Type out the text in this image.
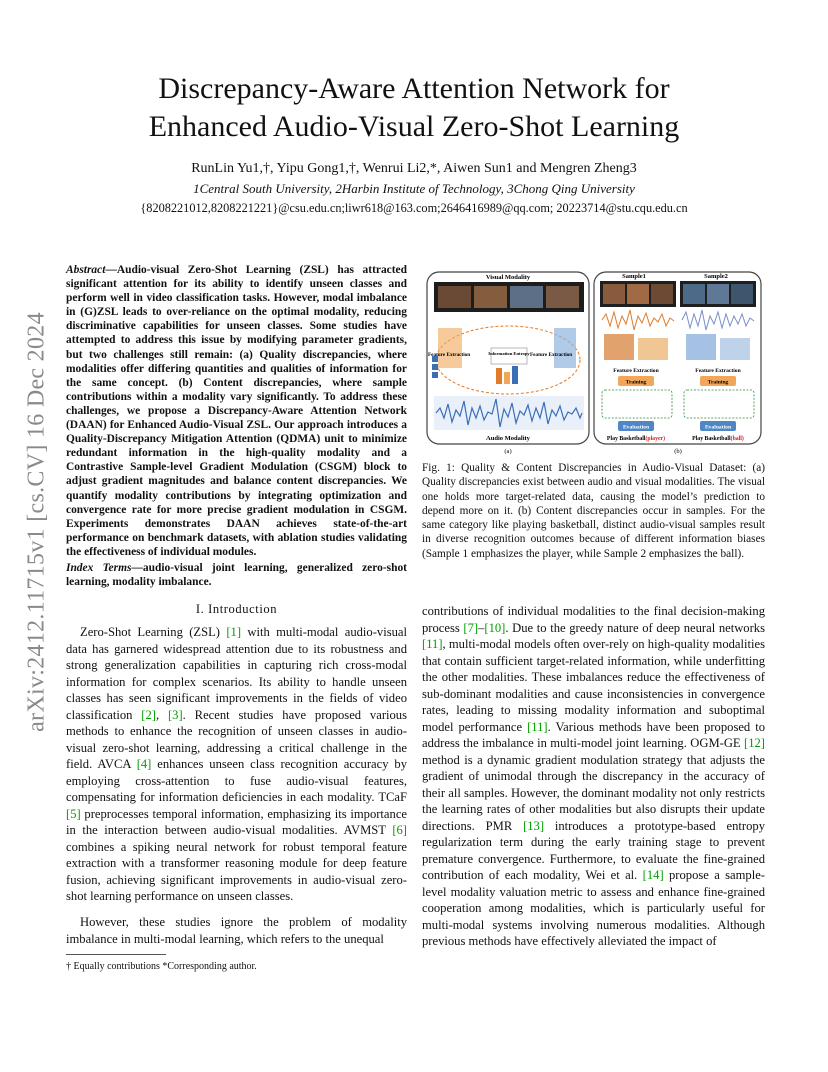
arXiv:2412.11715v1 [cs.CV] 16 Dec 2024
Discrepancy-Aware Attention Network for
Enhanced Audio-Visual Zero-Shot Learning
RunLin Yu1,†, Yipu Gong1,†, Wenrui Li2,*, Aiwen Sun1 and Mengren Zheng3
1Central South University, 2Harbin Institute of Technology, 3Chong Qing University
{8208221012,8208221221}@csu.edu.cn;liwr618@163.com;2646416989@qq.com; 20223714@stu.cqu.edu.cn
Abstract—Audio-visual Zero-Shot Learning (ZSL) has attracted significant attention for its ability to identify unseen classes and perform well in video classification tasks. However, modal imbalance in (G)ZSL leads to over-reliance on the optimal modality, reducing discriminative capabilities for unseen classes. Some studies have attempted to address this issue by modifying parameter gradients, but two challenges still remain: (a) Quality discrepancies, where modalities offer differing quantities and qualities of information for the same concept. (b) Content discrepancies, where sample contributions within a modality vary significantly. To address these challenges, we propose a Discrepancy-Aware Attention Network (DAAN) for Enhanced Audio-Visual ZSL. Our approach introduces a Quality-Discrepancy Mitigation Attention (QDMA) unit to minimize redundant information in the high-quality modality and a Contrastive Sample-level Gradient Modulation (CSGM) block to adjust gradient magnitudes and balance content discrepancies. We quantify modality contributions by integrating optimization and convergence rate for more precise gradient modulation in CSGM. Experiments demonstrates DAAN achieves state-of-the-art performance on benchmark datasets, with ablation studies validating the effectiveness of individual modules.
Index Terms—audio-visual joint learning, generalized zero-shot learning, modality imbalance.
I. Introduction
Zero-Shot Learning (ZSL) [1] with multi-modal audio-visual data has garnered widespread attention due to its robustness and strong generalization capabilities in capturing rich cross-modal information for complex scenarios. Its ability to handle unseen classes has seen significant improvements in the fields of video classification [2], [3]. Recent studies have proposed various methods to enhance the recognition of unseen classes in audio-visual zero-shot learning, addressing a critical challenge in the field. AVCA [4] enhances unseen class recognition accuracy by employing cross-attention to fuse audio-visual features, compensating for information deficiencies in each modality. TCaF [5] preprocesses temporal information, emphasizing its importance in the interaction between audio-visual modalities. AVMST [6] combines a spiking neural network for robust temporal feature extraction with a transformer reasoning module for deep feature fusion, achieving significant improvements in audio-visual zero-shot learning performance on unseen classes.
However, these studies ignore the problem of modality imbalance in multi-modal learning, which refers to the unequal
† Equally contributions *Corresponding author.
Visual Modality
Feature Extraction	Information Entropy Feature Extraction
Audio Modality
(a)
Sample1	Sample2
Feature Extraction	Feature Extraction
Training	Training
Evaluation	Evaluation
Play Basketball(player)	Play Basketball(ball)
(b)
Fig. 1: Quality & Content Discrepancies in Audio-Visual Dataset: (a) Quality discrepancies exist between audio and visual modalities. The visual one holds more target-related data, causing the model’s prediction to depend more on it. (b) Content discrepancies occur in samples. For the same category like playing basketball, distinct audio-visual samples result in diverse recognition outcomes because of different information biases (Sample 1 emphasizes the player, while Sample 2 emphasizes the ball).
contributions of individual modalities to the final decision-making process [7]–[10]. Due to the greedy nature of deep neural networks [11], multi-modal models often over-rely on high-quality modalities that contain sufficient target-related information, while underfitting the other modalities. These imbalances reduce the effectiveness of sub-dominant modalities and cause inconsistencies in convergence rates, leading to missing modality information and suboptimal model performance [11]. Various methods have been proposed to address the imbalance in multi-model joint learning. OGM-GE [12] method is a dynamic gradient modulation strategy that adjusts the gradient of unimodal through the discrepancy in the accuracy of their all samples. However, the dominant modality not only restricts the learning rates of other modalities but also disrupts their update directions. PMR [13] introduces a prototype-based entropy regularization term during the early training stage to prevent premature convergence. Furthermore, to evaluate the fine-grained contribution of each modality, Wei et al. [14] propose a sample-level modality valuation metric to assess and enhance fine-grained cooperation among modalities, which is particularly useful for multi-modal systems involving numerous modalities. Although previous methods have effectively alleviated the impact of
